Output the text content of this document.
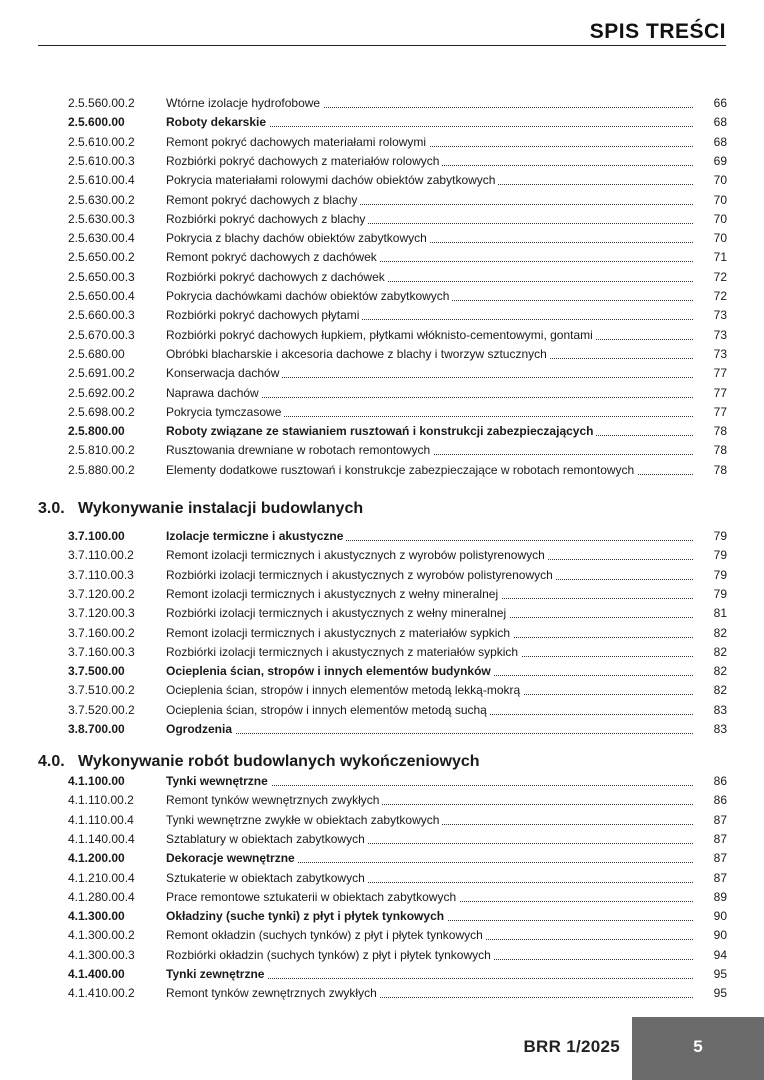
SPIS TREŚCI
2.5.560.00.2	Wtórne izolacje hydrofobowe	66
2.5.600.00	Roboty dekarskie	68
2.5.610.00.2	Remont pokryć dachowych materiałami rolowymi	68
2.5.610.00.3	Rozbiórki pokryć dachowych z materiałów rolowych	69
2.5.610.00.4	Pokrycia materiałami rolowymi dachów obiektów zabytkowych	70
2.5.630.00.2	Remont pokryć dachowych z blachy	70
2.5.630.00.3	Rozbiórki pokryć dachowych z blachy	70
2.5.630.00.4	Pokrycia z blachy dachów obiektów zabytkowych	70
2.5.650.00.2	Remont pokryć dachowych z dachówek	71
2.5.650.00.3	Rozbiórki pokryć dachowych z dachówek	72
2.5.650.00.4	Pokrycia dachówkami dachów obiektów zabytkowych	72
2.5.660.00.3	Rozbiórki pokryć dachowych płytami	73
2.5.670.00.3	Rozbiórki pokryć dachowych łupkiem, płytkami włóknisto-cementowymi, gontami	73
2.5.680.00	Obróbki blacharskie i akcesoria dachowe z blachy i tworzyw sztucznych	73
2.5.691.00.2	Konserwacja dachów	77
2.5.692.00.2	Naprawa dachów	77
2.5.698.00.2	Pokrycia tymczasowe	77
2.5.800.00	Roboty związane ze stawianiem rusztowań i konstrukcji zabezpieczających	78
2.5.810.00.2	Rusztowania drewniane w robotach remontowych	78
2.5.880.00.2	Elementy dodatkowe rusztowań i konstrukcje zabezpieczające w robotach remontowych	78
3.0. Wykonywanie instalacji budowlanych
3.7.100.00	Izolacje termiczne i akustyczne	79
3.7.110.00.2	Remont izolacji termicznych i akustycznych z wyrobów polistyrenowych	79
3.7.110.00.3	Rozbiórki izolacji termicznych i akustycznych z wyrobów polistyrenowych	79
3.7.120.00.2	Remont izolacji termicznych i akustycznych z wełny mineralnej	79
3.7.120.00.3	Rozbiórki izolacji termicznych i akustycznych z wełny mineralnej	81
3.7.160.00.2	Remont izolacji termicznych i akustycznych z materiałów sypkich	82
3.7.160.00.3	Rozbiórki izolacji termicznych i akustycznych z materiałów sypkich	82
3.7.500.00	Ocieplenia ścian, stropów i innych elementów budynków	82
3.7.510.00.2	Ocieplenia ścian, stropów i innych elementów metodą lekką-mokrą	82
3.7.520.00.2	Ocieplenia ścian, stropów i innych elementów metodą suchą	83
3.8.700.00	Ogrodzenia	83
4.0. Wykonywanie robót budowlanych wykończeniowych
4.1.100.00	Tynki wewnętrzne	86
4.1.110.00.2	Remont tynków wewnętrznych zwykłych	86
4.1.110.00.4	Tynki wewnętrzne zwykłe w obiektach zabytkowych	87
4.1.140.00.4	Sztablatury w obiektach zabytkowych	87
4.1.200.00	Dekoracje wewnętrzne	87
4.1.210.00.4	Sztukaterie w obiektach zabytkowych	87
4.1.280.00.4	Prace remontowe sztukaterii w obiektach zabytkowych	89
4.1.300.00	Okładziny (suche tynki) z płyt i płytek tynkowych	90
4.1.300.00.2	Remont okładzin (suchych tynków) z płyt i płytek tynkowych	90
4.1.300.00.3	Rozbiórki okładzin (suchych tynków) z płyt i płytek tynkowych	94
4.1.400.00	Tynki zewnętrzne	95
4.1.410.00.2	Remont tynków zewnętrznych zwykłych	95
BRR 1/2025	5
